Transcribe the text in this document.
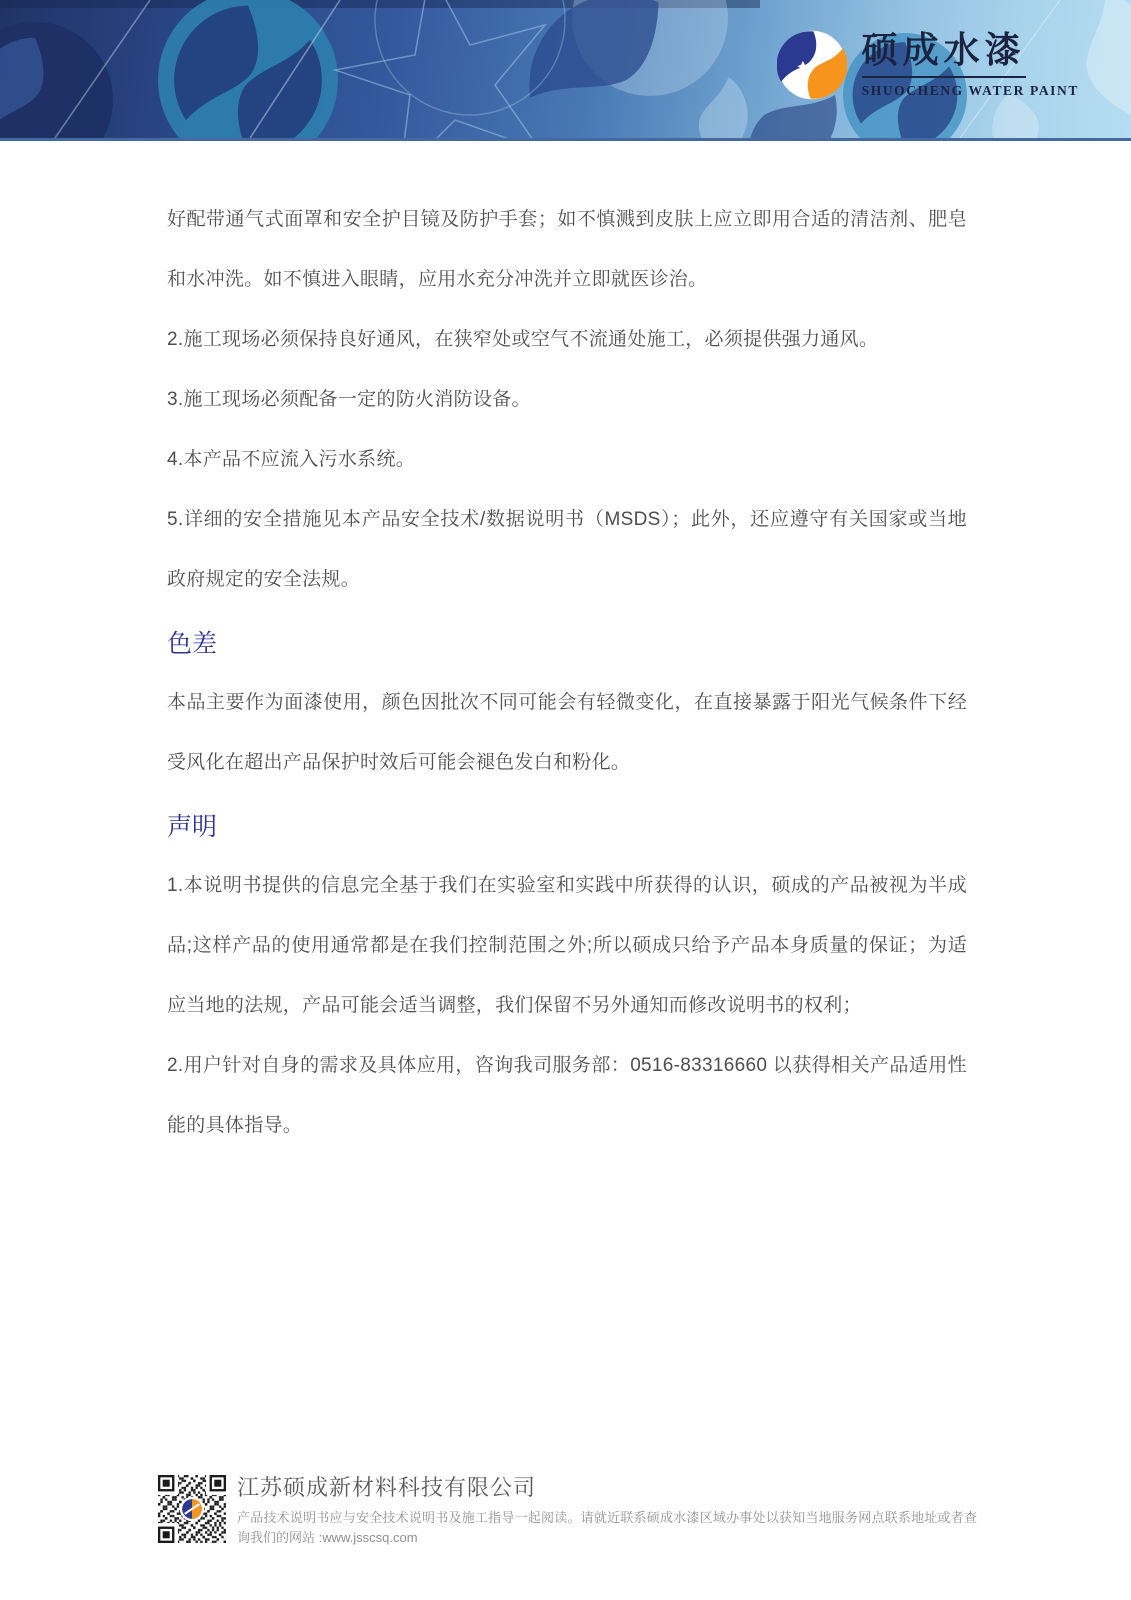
硕成水漆
SHUOCHENG WATER PAINT

好配带通气式面罩和安全护目镜及防护手套；如不慎溅到皮肤上应立即用合适的清洁剂、肥皂和水冲洗。如不慎进入眼睛，应用水充分冲洗并立即就医诊治。

2.施工现场必须保持良好通风，在狭窄处或空气不流通处施工，必须提供强力通风。

3.施工现场必须配备一定的防火消防设备。

4.本产品不应流入污水系统。

5.详细的安全措施见本产品安全技术/数据说明书（MSDS）；此外，还应遵守有关国家或当地政府规定的安全法规。

色差

本品主要作为面漆使用，颜色因批次不同可能会有轻微变化，在直接暴露于阳光气候条件下经受风化在超出产品保护时效后可能会褪色发白和粉化。

声明

1.本说明书提供的信息完全基于我们在实验室和实践中所获得的认识，硕成的产品被视为半成品;这样产品的使用通常都是在我们控制范围之外;所以硕成只给予产品本身质量的保证；为适应当地的法规，产品可能会适当调整，我们保留不另外通知而修改说明书的权利；

2.用户针对自身的需求及具体应用，咨询我司服务部：0516-83316660 以获得相关产品适用性能的具体指导。

江苏硕成新材料科技有限公司
产品技术说明书应与安全技术说明书及施工指导一起阅读。请就近联系硕成水漆区域办事处以获知当地服务网点联系地址或者查询我们的网站 :www.jsscsq.com
